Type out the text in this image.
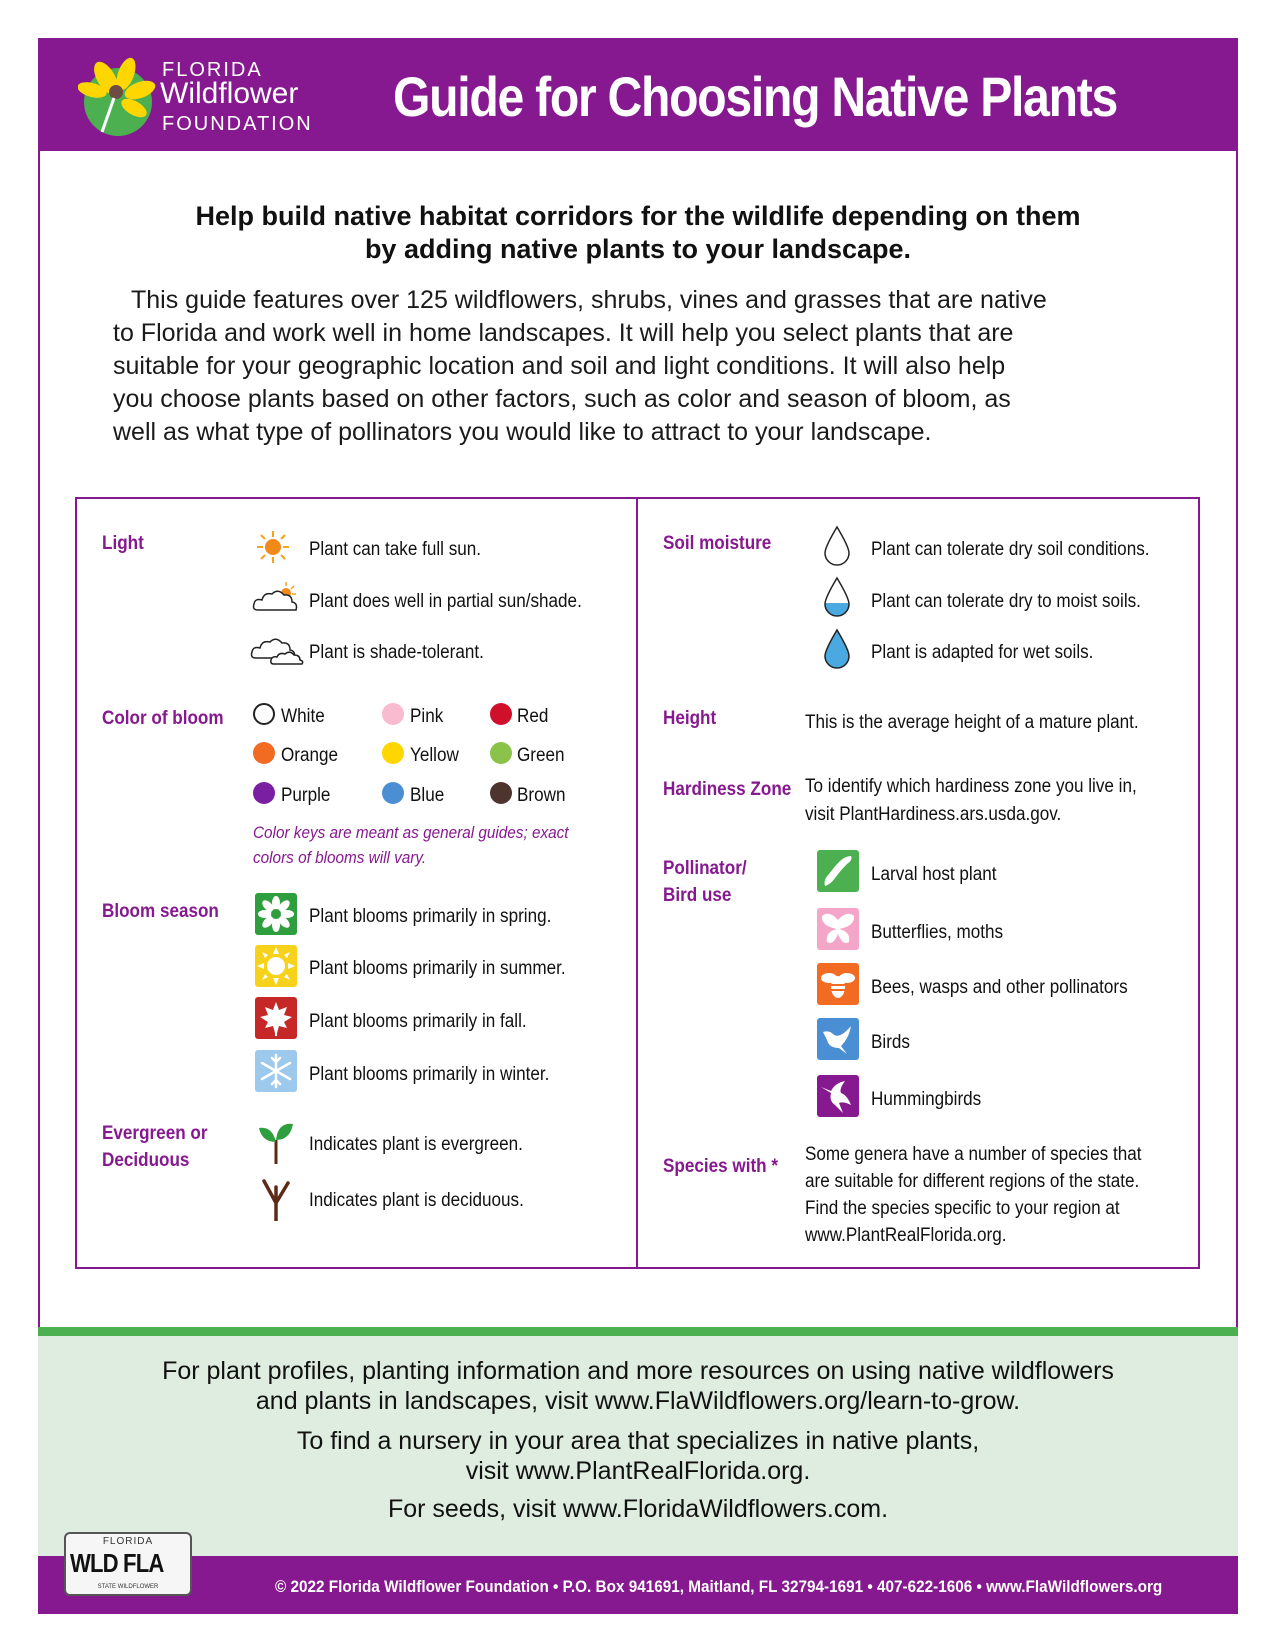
FLORIDA
Wildflower
FOUNDATION Guide for Choosing Native Plants
Help build native habitat corridors for the wildlife depending on them
by adding native plants to your landscape.
This guide features over 125 wildflowers, shrubs, vines and grasses that are native
to Florida and work well in home landscapes. It will help you select plants that are
suitable for your geographic location and soil and light conditions. It will also help
you choose plants based on other factors, such as color and season of bloom, as
well as what type of pollinators you would like to attract to your landscape.
Light	Plant can take full sun.
Plant does well in partial sun/shade.
Plant is shade-tolerant.
Color of bloom	White	Pink	Red
Orange	Yellow	Green
Purple	Blue	Brown
Color keys are meant as general guides; exact
colors of blooms will vary.
Bloom season	Plant blooms primarily in spring.
Plant blooms primarily in summer.
Plant blooms primarily in fall.
Plant blooms primarily in winter.
Evergreen or
Deciduous
Indicates plant is evergreen.
Indicates plant is deciduous.
Soil moisture	Plant can tolerate dry soil conditions.
Plant can tolerate dry to moist soils.
Plant is adapted for wet soils.
Height	This is the average height of a mature plant.
Hardiness Zone To identify which hardiness zone you live in,
visit PlantHardiness.ars.usda.gov.
Pollinator/
Bird use
Larval host plant
Butterflies, moths
Bees, wasps and other pollinators
Birds
Hummingbirds
Species with *
Some genera have a number of species that
are suitable for different regions of the state.
Find the species specific to your region at
www.PlantRealFlorida.org.
For plant profiles, planting information and more resources on using native wildflowers
and plants in landscapes, visit www.FlaWildflowers.org/learn-to-grow.
To find a nursery in your area that specializes in native plants,
visit www.PlantRealFlorida.org.
For seeds, visit www.FloridaWildflowers.com.
FLORIDA
WLD FLA
STATE WILDFLOWER	© 2022 Florida Wildflower Foundation • P.O. Box 941691, Maitland, FL 32794-1691 • 407-622-1606 • www.FlaWildflowers.org
